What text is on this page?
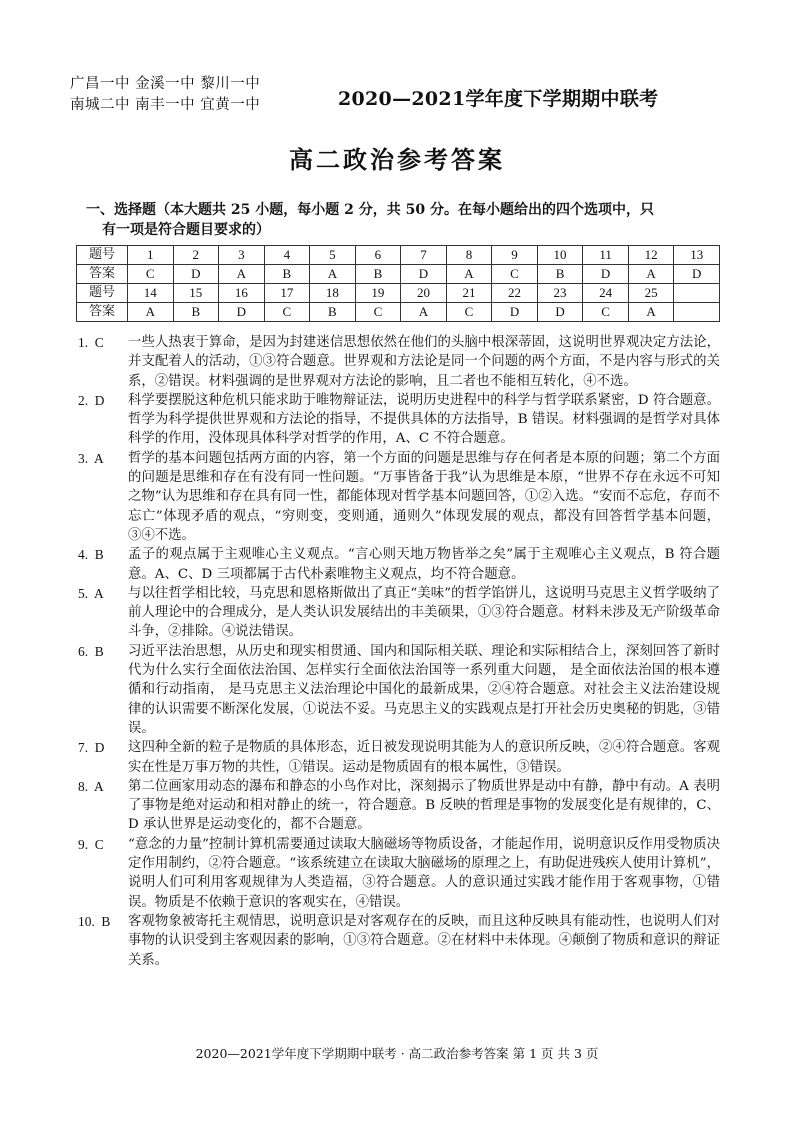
广昌一中 金溪一中 黎川一中
南城二中 南丰一中 宜黄一中	2020—2021学年度下学期期中联考
高二政治参考答案
一、选择题（本大题共 25 小题，每小题 2 分，共 50 分。在每小题给出的四个选项中，只
有一项是符合题目要求的）
题号	1	2	3	4	5	6	7	8	9	10	11	12	13
答案	C	D	A	B	A	B	D	A	C	B	D	A	D
题号	14	15	16	17	18	19	20	21	22	23	24	25	
答案	A	B	D	C	B	C	A	C	D	D	C	A	
1.  C	一些人热衷于算命，是因为封建迷信思想依然在他们的头脑中根深蒂固，这说明世界观决定方法论，并支配着人的活动，①③符合题意。世界观和方法论是同一个问题的两个方面，不是内容与形式的关系，②错误。材料强调的是世界观对方法论的影响，且二者也不能相互转化，④不选。
2.  D	科学要摆脱这种危机只能求助于唯物辩证法，说明历史进程中的科学与哲学联系紧密，D 符合题意。哲学为科学提供世界观和方法论的指导，不提供具体的方法指导，B 错误。材料强调的是哲学对具体科学的作用，没体现具体科学对哲学的作用，A、C 不符合题意。
3.  A	哲学的基本问题包括两方面的内容，第一个方面的问题是思维与存在何者是本原的问题；第二个方面的问题是思维和存在有没有同一性问题。“万事皆备于我”认为思维是本原，“世界不存在永远不可知之物”认为思维和存在具有同一性，都能体现对哲学基本问题回答，①②入选。“安而不忘危，存而不忘亡”体现矛盾的观点，“穷则变，变则通，通则久”体现发展的观点，都没有回答哲学基本问题，③④不选。
4.  B	孟子的观点属于主观唯心主义观点。“言心则天地万物皆举之矣”属于主观唯心主义观点，B 符合题意。A、C、D 三项都属于古代朴素唯物主义观点，均不符合题意。
5.  A	与以往哲学相比较，马克思和恩格斯做出了真正“美味”的哲学馅饼儿，这说明马克思主义哲学吸纳了前人理论中的合理成分，是人类认识发展结出的丰美硕果，①③符合题意。材料未涉及无产阶级革命斗争，②排除。④说法错误。
6.  B	习近平法治思想，从历史和现实相贯通、国内和国际相关联、理论和实际相结合上，深刻回答了新时代为什么实行全面依法治国、怎样实行全面依法治国等一系列重大问题， 是全面依法治国的根本遵循和行动指南， 是马克思主义法治理论中国化的最新成果，②④符合题意。对社会主义法治建设规律的认识需要不断深化发展，①说法不妥。马克思主义的实践观点是打开社会历史奥秘的钥匙，③错误。
7.  D	这四种全新的粒子是物质的具体形态，近日被发现说明其能为人的意识所反映，②④符合题意。客观实在性是万事万物的共性，①错误。运动是物质固有的根本属性，③错误。
8.  A	第二位画家用动态的瀑布和静态的小鸟作对比，深刻揭示了物质世界是动中有静，静中有动。A 表明了事物是绝对运动和相对静止的统一，符合题意。B 反映的哲理是事物的发展变化是有规律的，C、D 承认世界是运动变化的，都不合题意。
9.  C	“意念的力量”控制计算机需要通过读取大脑磁场等物质设备，才能起作用，说明意识反作用受物质决定作用制约，②符合题意。“该系统建立在读取大脑磁场的原理之上，有助促进残疾人使用计算机”，说明人们可利用客观规律为人类造福，③符合题意。人的意识通过实践才能作用于客观事物，①错误。物质是不依赖于意识的客观实在，④错误。
10.  B	客观物象被寄托主观情思，说明意识是对客观存在的反映，而且这种反映具有能动性，也说明人们对事物的认识受到主客观因素的影响，①③符合题意。②在材料中未体现。④颠倒了物质和意识的辩证关系。
2020—2021学年度下学期期中联考 · 高二政治参考答案 第 1 页 共 3 页
